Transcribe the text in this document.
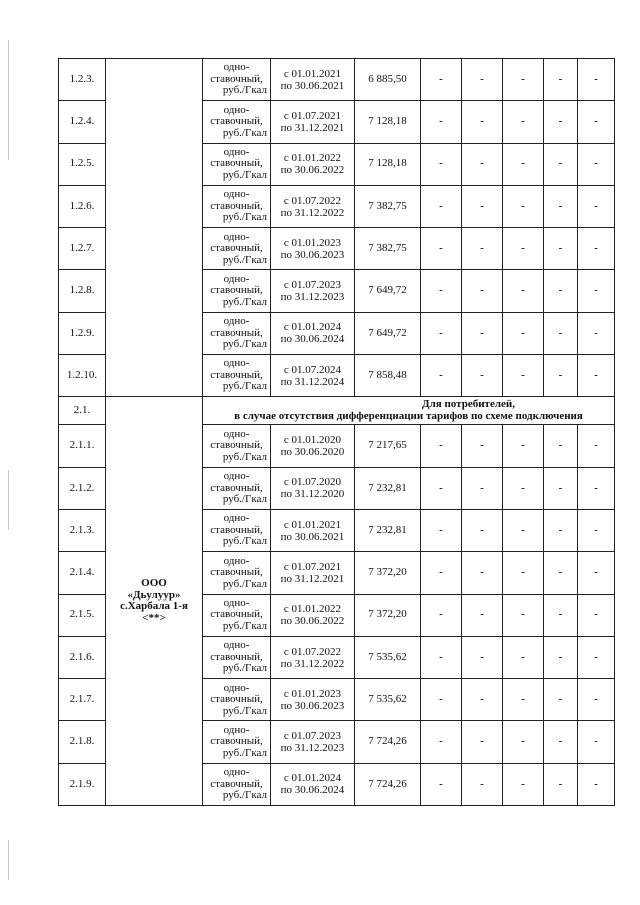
1.2.3.		одно-
ставочный,
руб./Гкал	с 01.01.2021
по 30.06.2021	6 885,50	-	-	-	-	-
1.2.4.		одно-
ставочный,
руб./Гкал	с 01.07.2021
по 31.12.2021	7 128,18	-	-	-	-	-
1.2.5.		одно-
ставочный,
руб./Гкал	с 01.01.2022
по 30.06.2022	7 128,18	-	-	-	-	-
1.2.6.		одно-
ставочный,
руб./Гкал	с 01.07.2022
по 31.12.2022	7 382,75	-	-	-	-	-
1.2.7.		одно-
ставочный,
руб./Гкал	с 01.01.2023
по 30.06.2023	7 382,75	-	-	-	-	-
1.2.8.		одно-
ставочный,
руб./Гкал	с 01.07.2023
по 31.12.2023	7 649,72	-	-	-	-	-
1.2.9.		одно-
ставочный,
руб./Гкал	с 01.01.2024
по 30.06.2024	7 649,72	-	-	-	-	-
1.2.10.		одно-
ставочный,
руб./Гкал	с 01.07.2024
по 31.12.2024	7 858,48	-	-	-	-	-
2.1.	ООО
«Дьулуур»
с.Харбала 1-я
<**>	Для потребителей,
в случае отсутствия дифференциации тарифов по схеме подключения							

2.1.1.		одно-
ставочный,
руб./Гкал	с 01.01.2020
по 30.06.2020	7 217,65	-	-	-	-	-
2.1.2.		одно-
ставочный,
руб./Гкал	с 01.07.2020
по 31.12.2020	7 232,81	-	-	-	-	-
2.1.3.		одно-
ставочный,
руб./Гкал	с 01.01.2021
по 30.06.2021	7 232,81	-	-	-	-	-
2.1.4.		одно-
ставочный,
руб./Гкал	с 01.07.2021
по 31.12.2021	7 372,20	-	-	-	-	-
2.1.5.		одно-
ставочный,
руб./Гкал	с 01.01.2022
по 30.06.2022	7 372,20	-	-	-	-	-
2.1.6.		одно-
ставочный,
руб./Гкал	с 01.07.2022
по 31.12.2022	7 535,62	-	-	-	-	-
2.1.7.		одно-
ставочный,
руб./Гкал	с 01.01.2023
по 30.06.2023	7 535,62	-	-	-	-	-
2.1.8.		одно-
ставочный,
руб./Гкал	с 01.07.2023
по 31.12.2023	7 724,26	-	-	-	-	-
2.1.9.		одно-
ставочный,
руб./Гкал	с 01.01.2024
по 30.06.2024	7 724,26	-	-	-	-	-
